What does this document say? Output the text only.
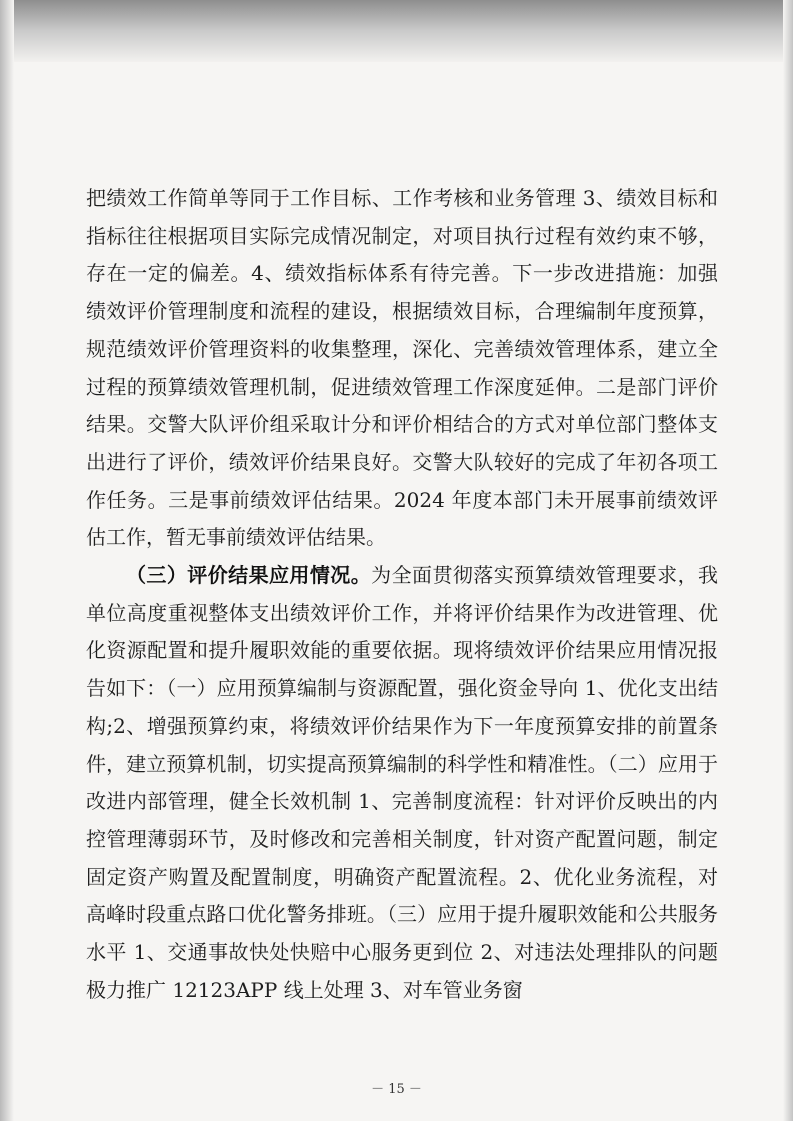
把绩效工作简单等同于工作目标、工作考核和业务管理 3、绩效目标和指标往往根据项目实际完成情况制定，对项目执行过程有效约束不够，存在一定的偏差。4、绩效指标体系有待完善。下一步改进措施：加强绩效评价管理制度和流程的建设，根据绩效目标，合理编制年度预算，规范绩效评价管理资料的收集整理，深化、完善绩效管理体系，建立全过程的预算绩效管理机制，促进绩效管理工作深度延伸。二是部门评价结果。交警大队评价组采取计分和评价相结合的方式对单位部门整体支出进行了评价，绩效评价结果良好。交警大队较好的完成了年初各项工作任务。三是事前绩效评估结果。2024 年度本部门未开展事前绩效评估工作，暂无事前绩效评估结果。

（三）评价结果应用情况。为全面贯彻落实预算绩效管理要求，我单位高度重视整体支出绩效评价工作，并将评价结果作为改进管理、优化资源配置和提升履职效能的重要依据。现将绩效评价结果应用情况报告如下：（一）应用预算编制与资源配置，强化资金导向 1、优化支出结构;2、增强预算约束，将绩效评价结果作为下一年度预算安排的前置条件，建立预算机制，切实提高预算编制的科学性和精准性。（二）应用于改进内部管理，健全长效机制 1、完善制度流程：针对评价反映出的内控管理薄弱环节，及时修改和完善相关制度，针对资产配置问题，制定固定资产购置及配置制度，明确资产配置流程。2、优化业务流程，对高峰时段重点路口优化警务排班。（三）应用于提升履职效能和公共服务水平 1、交通事故快处快赔中心服务更到位 2、对违法处理排队的问题极力推广 12123APP 线上处理 3、对车管业务窗

－ 15 －
